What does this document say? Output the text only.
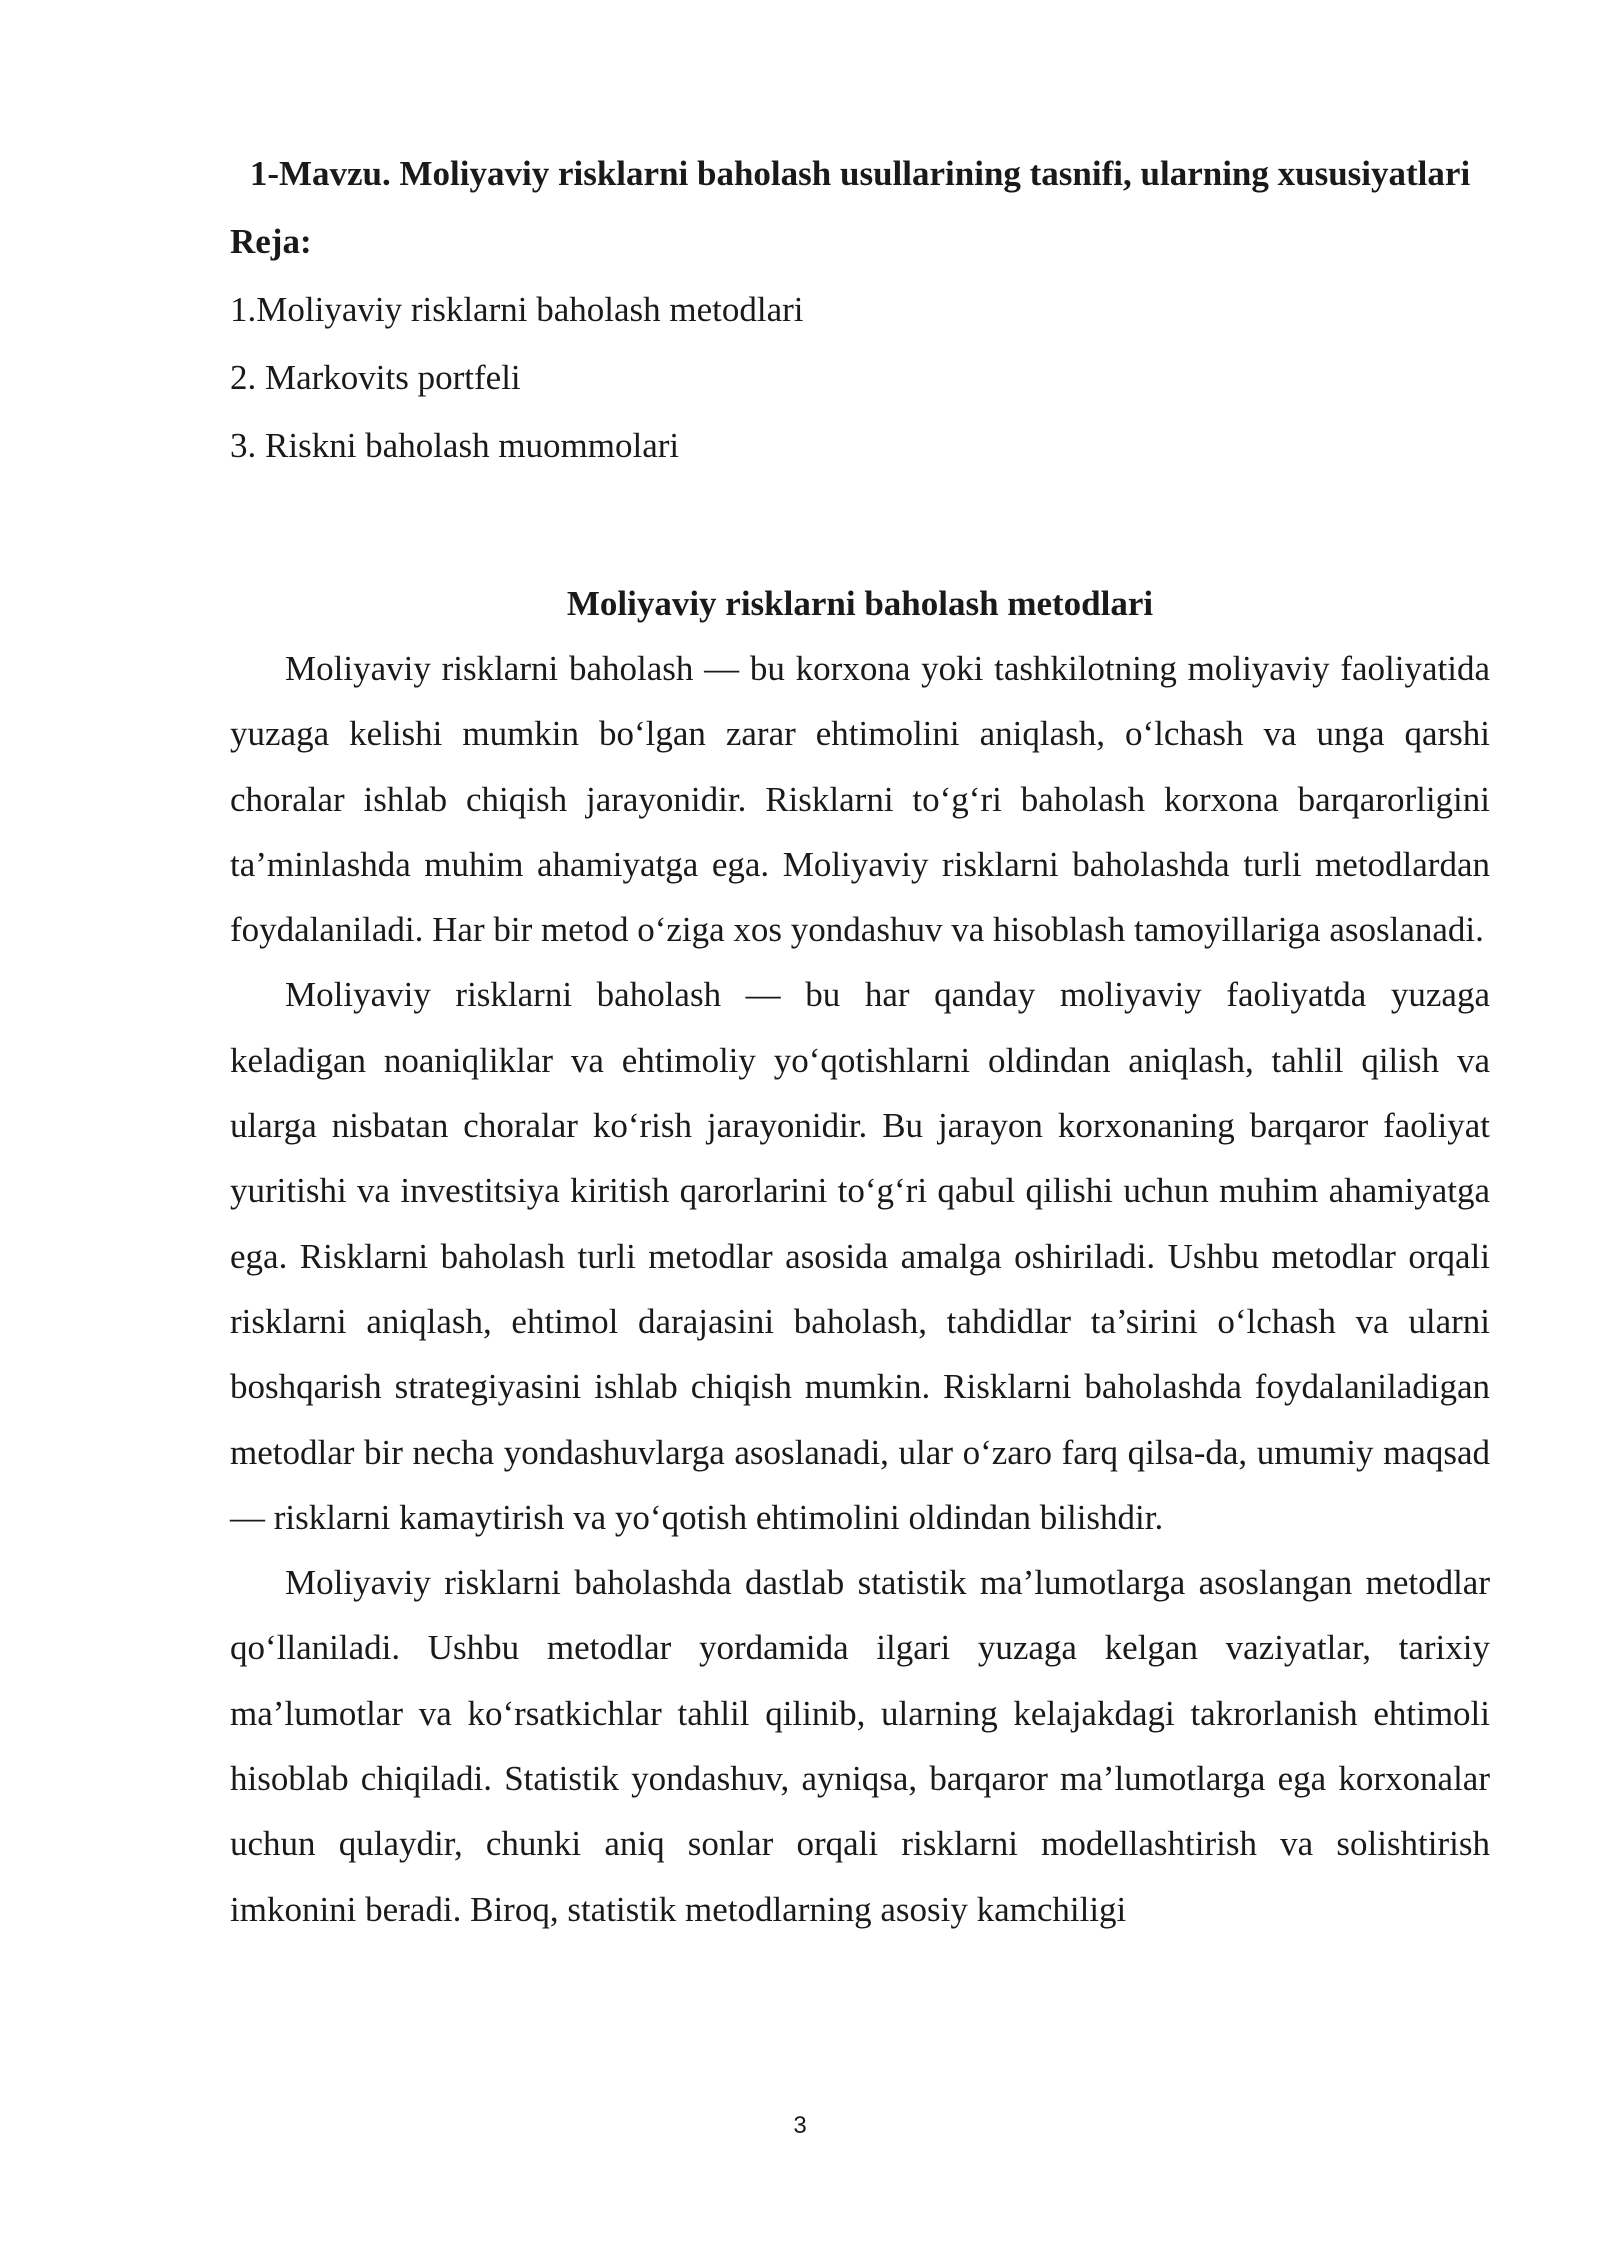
1-Mavzu. Moliyaviy risklarni baholash usullarining tasnifi, ularning xususiyatlari

Reja:

1.Moliyaviy risklarni baholash metodlari

2. Markovits portfeli

3. Riskni baholash muommolari

Moliyaviy risklarni baholash metodlari

Moliyaviy risklarni baholash — bu korxona yoki tashkilotning moliyaviy faoliyatida yuzaga kelishi mumkin bo‘lgan zarar ehtimolini aniqlash, o‘lchash va unga qarshi choralar ishlab chiqish jarayonidir. Risklarni to‘g‘ri baholash korxona barqarorligini ta’minlashda muhim ahamiyatga ega. Moliyaviy risklarni baholashda turli metodlardan foydalaniladi. Har bir metod o‘ziga xos yondashuv va hisoblash tamoyillariga asoslanadi.

Moliyaviy risklarni baholash — bu har qanday moliyaviy faoliyatda yuzaga keladigan noaniqliklar va ehtimoliy yo‘qotishlarni oldindan aniqlash, tahlil qilish va ularga nisbatan choralar ko‘rish jarayonidir. Bu jarayon korxonaning barqaror faoliyat yuritishi va investitsiya kiritish qarorlarini to‘g‘ri qabul qilishi uchun muhim ahamiyatga ega. Risklarni baholash turli metodlar asosida amalga oshiriladi. Ushbu metodlar orqali risklarni aniqlash, ehtimol darajasini baholash, tahdidlar ta’sirini o‘lchash va ularni boshqarish strategiyasini ishlab chiqish mumkin. Risklarni baholashda foydalaniladigan metodlar bir necha yondashuvlarga asoslanadi, ular o‘zaro farq qilsa-da, umumiy maqsad — risklarni kamaytirish va yo‘qotish ehtimolini oldindan bilishdir.

Moliyaviy risklarni baholashda dastlab statistik ma’lumotlarga asoslangan metodlar qo‘llaniladi. Ushbu metodlar yordamida ilgari yuzaga kelgan vaziyatlar, tarixiy ma’lumotlar va ko‘rsatkichlar tahlil qilinib, ularning kelajakdagi takrorlanish ehtimoli hisoblab chiqiladi. Statistik yondashuv, ayniqsa, barqaror ma’lumotlarga ega korxonalar uchun qulaydir, chunki aniq sonlar orqali risklarni modellashtirish va solishtirish imkonini beradi. Biroq, statistik metodlarning asosiy kamchiligi

3
